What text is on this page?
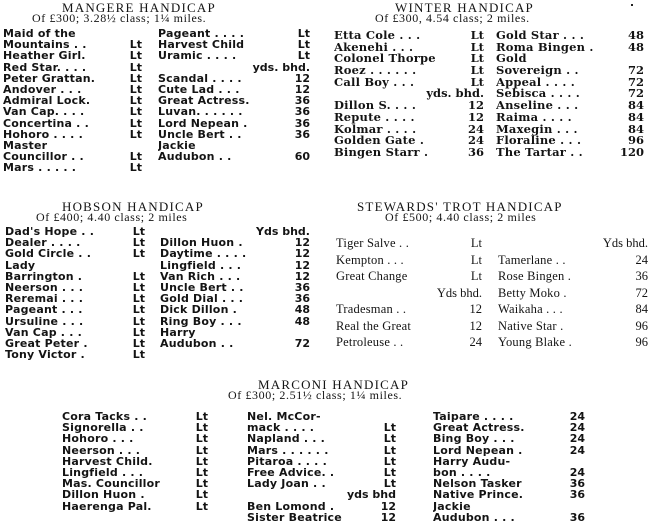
MANGERE HANDICAP
Of £300; 3.28½ class; 1¼ miles.
Maid of the
Mountains . .	Lt
Heather Girl.	Lt
Red Star. . . .	Lt
Peter Grattan.	Lt
Andover . . .	Lt
Admiral Lock.	Lt
Van Cap. . . .	Lt
Concertina . .	Lt
Hohoro . . . .	Lt
Master
Councillor . .	Lt
Mars . . . . .	Lt
Pageant . . . .	Lt
Harvest Child	Lt
Uramic . . . .	Lt
yds. bhd.
Scandal . . . .	12
Cute Lad . . .	12
Great Actress.	36
Luvan. . . . . .	36
Lord Nepean .	36
Uncle Bert . .	36
Jackie
Audubon . .	60
WINTER HANDICAP
Of £300, 4.54 class; 2 miles.
Etta Cole . . .	Lt
Akenehi . . .	Lt
Colonel Thorpe	Lt
Roez . . . . . .	Lt
Call Boy . . .	Lt
yds. bhd.
Dillon S. . . .	12
Repute . . . .	12
Kolmar . . . .	24
Golden Gate .	24
Bingen Starr .	36
Gold Star . . .	48
Roma Bingen .	48
Gold
Sovereign . .	72
Appeal . . . .	72
Sebisca . . . .	72
Anseline . . .	84
Raima . . . .	84
Maxegin . . .	84
Floraline . . .	96
The Tartar . .	120
HOBSON HANDICAP
Of £400; 4.40 class; 2 miles
Dad's Hope . .	Lt
Dealer . . . .	Lt
Gold Circle . .	Lt
Lady
Barrington .	Lt
Neerson . . .	Lt
Reremai . . .	Lt
Pageant . . .	Lt
Ursuline . . .	Lt
Van Cap . . .	Lt
Great Peter .	Lt
Tony Victor .	Lt
Yds bhd.
Dillon Huon .	12
Daytime . . . .	12
Lingfield . . .	12
Van Rich . . .	12
Uncle Bert . .	36
Gold Dial . . .	36
Dick Dillon .	48
Ring Boy . . .	48
Harry
Audubon . .	72
STEWARDS' TROT HANDICAP
Of £500; 4.40 class; 2 miles
Tiger Salve . .	Lt
Kempton . . .	Lt
Great Change	Lt
Yds bhd.
Tradesman . .	12
Real the Great	12
Petroleuse . .	24
Yds bhd.
Tamerlane . .	24
Rose Bingen .	36
Betty Moko .	72
Waikaha . . .	84
Native Star .	96
Young Blake .	96
MARCONI HANDICAP
Of £300; 2.51½ class; 1¼ miles.
Cora Tacks . .	Lt
Signorella . .	Lt
Hohoro . . .	Lt
Neerson . . .	Lt
Harvest Child.	Lt
Lingfield . . .	Lt
Mas. Councillor	Lt
Dillon Huon .	Lt
Haerenga Pal.	Lt
Nel. McCor-
mack . . . .	Lt
Napland . . .	Lt
Mars . . . . . .	Lt
Pitaroa . . . .	Lt
Free Advice. .	Lt
Lady Joan . .	Lt
yds bhd
Ben Lomond .	12
Sister Beatrice	12
Taipare . . . .	24
Great Actress.	24
Bing Boy . . .	24
Lord Nepean .	24
Harry Audu-
bon . . . .	24
Nelson Tasker	36
Native Prince.	36
Jackie
Audubon . . .	36
